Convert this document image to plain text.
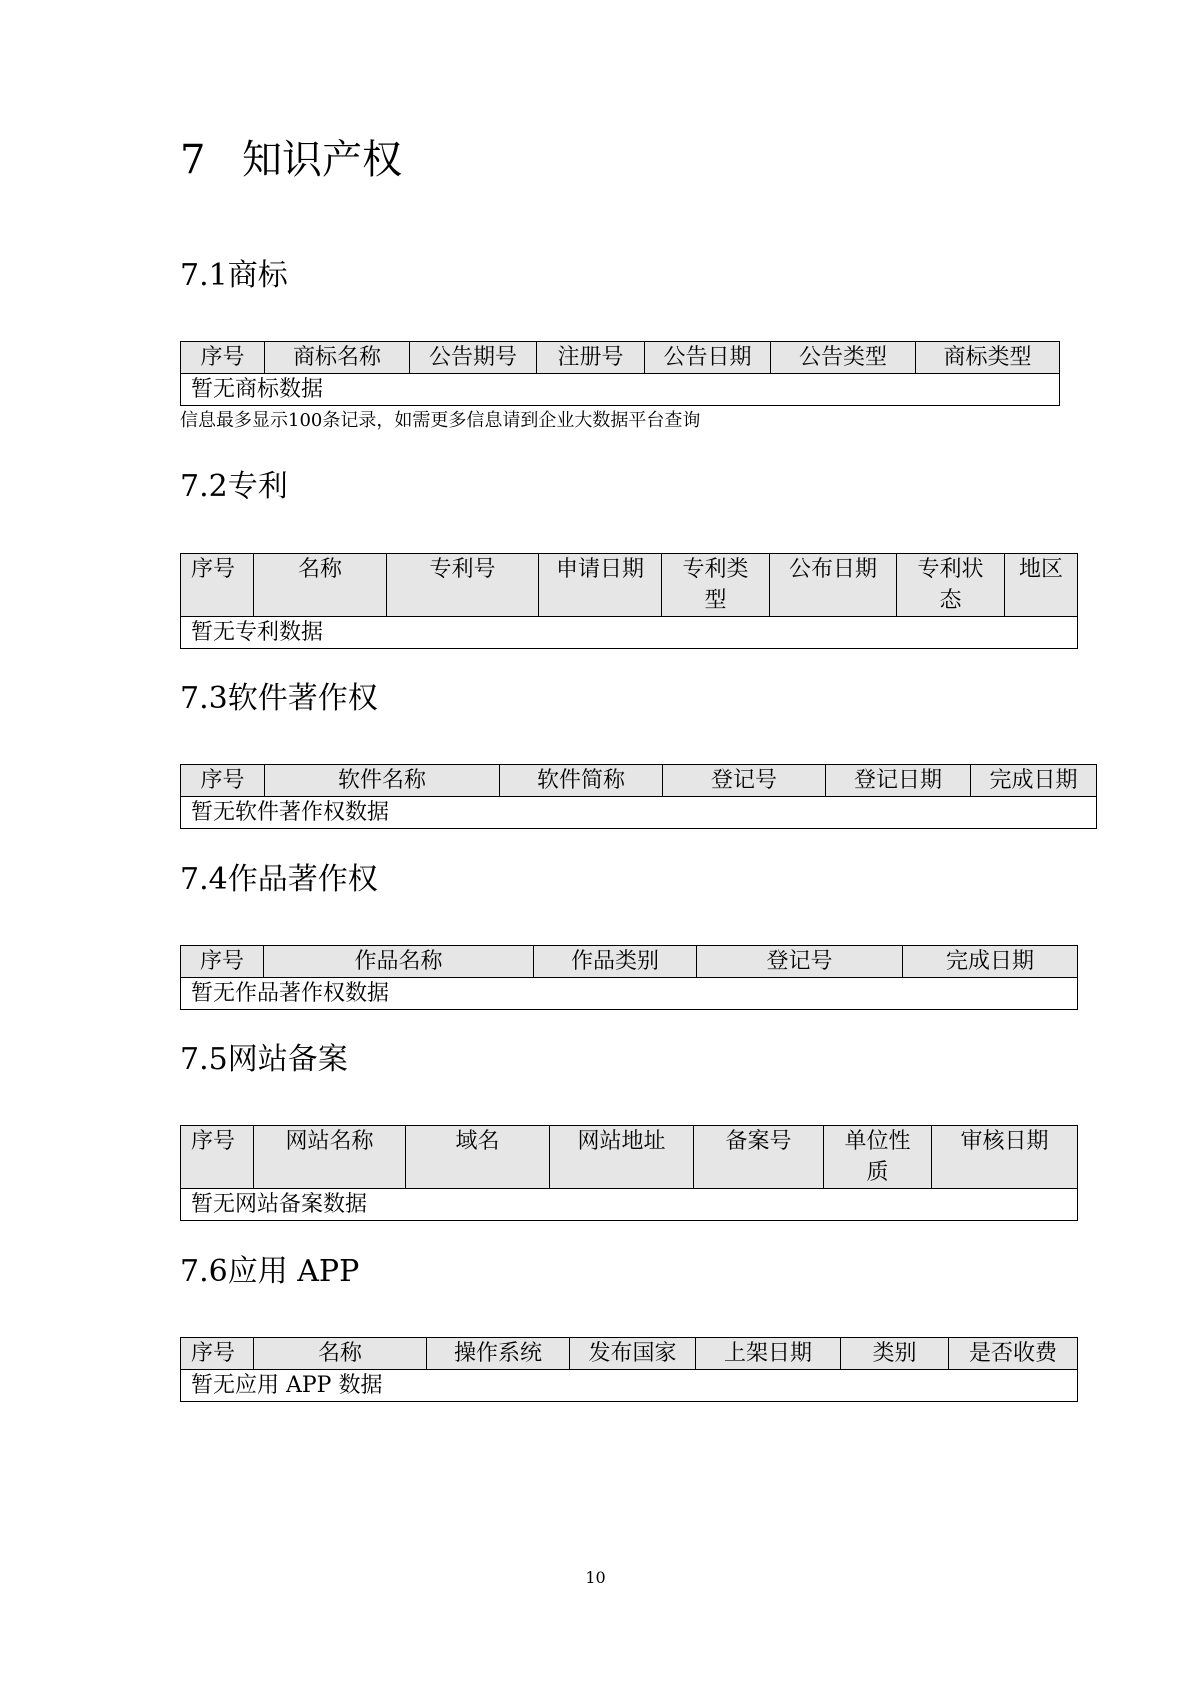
7 知识产权
7.1商标
序号	商标名称	公告期号	注册号	公告日期	公告类型	商标类型
暂无商标数据
信息最多显示100条记录，如需更多信息请到企业大数据平台查询
7.2专利
序号	名称	专利号	申请日期	专利类型	公布日期	专利状态	地区
暂无专利数据
7.3软件著作权
序号	软件名称	软件简称	登记号	登记日期	完成日期
暂无软件著作权数据
7.4作品著作权
序号	作品名称	作品类别	登记号	完成日期
暂无作品著作权数据
7.5网站备案
序号	网站名称	域名	网站地址	备案号	单位性质	审核日期
暂无网站备案数据
7.6应用 APP
序号	名称	操作系统	发布国家	上架日期	类别	是否收费
暂无应用 APP 数据
10
